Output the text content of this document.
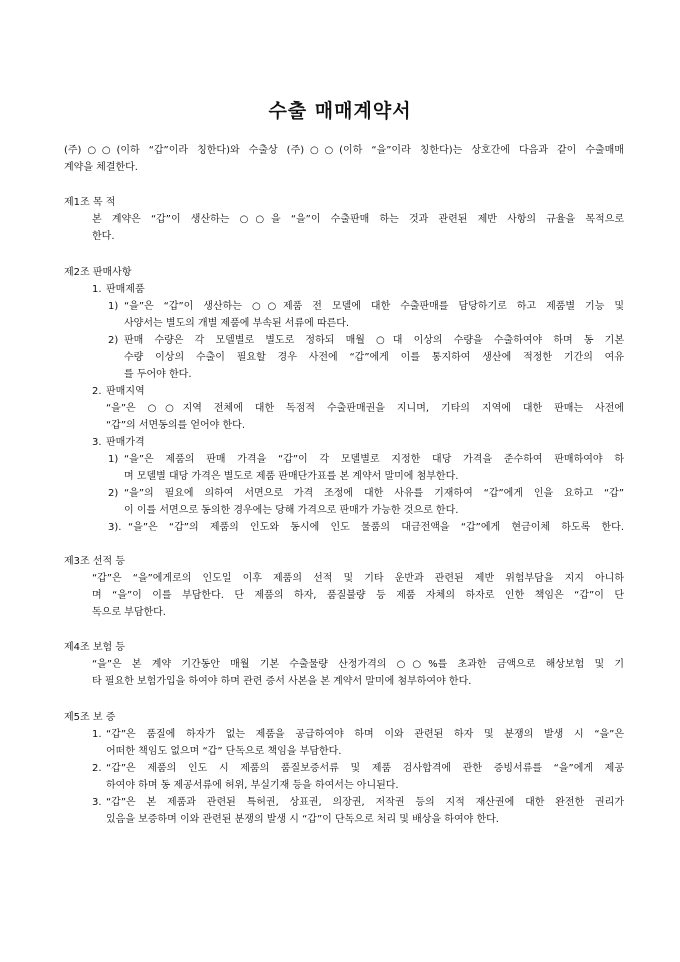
수출 매매계약서
(주)○○(이하 “갑”이라 칭한다)와 수출상 (주)○○(이하 “을”이라 칭한다)는 상호간에 다음과 같이 수출매매
계약을 체결한다.
제1조 목 적
본 계약은 “갑”이 생산하는 ○○을 “을”이 수출판매 하는 것과 관련된 제반 사항의 규율을 목적으로
한다.
제2조 판매사항
1. 판매제품
1) “을”은 “갑”이 생산하는 ○○제품 전 모델에 대한 수출판매를 담당하기로 하고 제품별 기능 및
사양서는 별도의 개별 제품에 부속된 서류에 따른다.
2) 판매 수량은 각 모델별로 별도로 정하되 매월 ○대 이상의 수량을 수출하여야 하며 동 기본
수량 이상의 수출이 필요할 경우 사전에 “갑”에게 이를 통지하여 생산에 적정한 기간의 여유
를 두어야 한다.
2. 판매지역
“을”은 ○○지역 전체에 대한 독점적 수출판매권을 지니며, 기타의 지역에 대한 판매는 사전에
“갑”의 서면동의를 얻어야 한다.
3. 판매가격
1) “을”은 제품의 판매 가격을 “갑”이 각 모델별로 지정한 대당 가격을 준수하여 판매하여야 하
며 모델별 대당 가격은 별도로 제품 판매단가표를 본 계약서 말미에 첨부한다.
2) “을”의 필요에 의하여 서면으로 가격 조정에 대한 사유를 기재하여 “갑”에게 인을 요하고 “갑”
이 이를 서면으로 동의한 경우에는 당해 가격으로 판매가 가능한 것으로 한다.
3). “을”은 “갑”의 제품의 인도와 동시에 인도 물품의 대금전액을 “갑”에게 현금이체 하도록 한다.
제3조 선적 등
“갑”은 “을”에게로의 인도일 이후 제품의 선적 및 기타 운반과 관련된 제반 위험부담을 지지 아니하
며 “을”이 이를 부담한다. 단 제품의 하자, 품질불량 등 제품 자체의 하자로 인한 책임은 “갑”이 단
독으로 부담한다.
제4조 보험 등
“을”은 본 계약 기간동안 매월 기본 수출물량 산정가격의 ○○%를 초과한 금액으로 해상보험 및 기
타 필요한 보험가입을 하여야 하며 관련 증서 사본을 본 계약서 말미에 첨부하여야 한다.
제5조 보 증
1. “갑”은 품질에 하자가 없는 제품을 공급하여야 하며 이와 관련된 하자 및 분쟁의 발생 시 “을”은
어떠한 책임도 없으며 “갑” 단독으로 책임을 부담한다.
2. “갑”은 제품의 인도 시 제품의 품질보증서류 및 제품 검사합격에 관한 증빙서류를 “을”에게 제공
하여야 하며 동 제공서류에 허위, 부실기재 등을 하여서는 아니된다.
3. “갑”은 본 제품과 관련된 특허권, 상표권, 의장권, 저작권 등의 지적 재산권에 대한 완전한 권리가
있음을 보증하며 이와 관련된 분쟁의 발생 시 “갑”이 단독으로 처리 및 배상을 하여야 한다.
